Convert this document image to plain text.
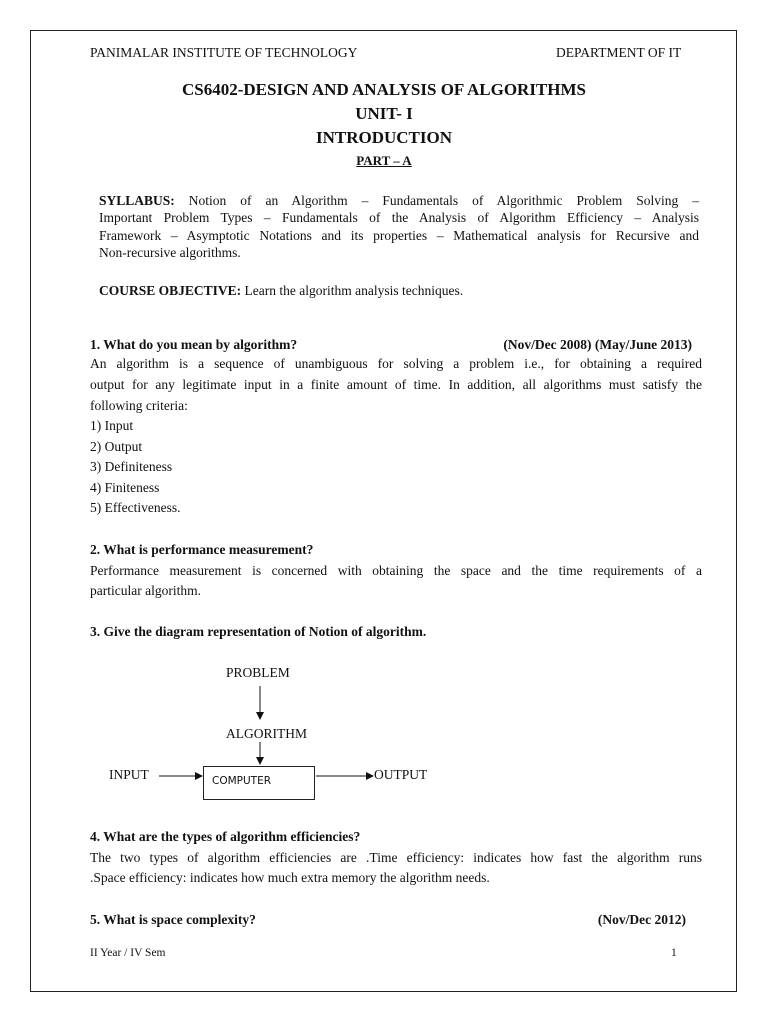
PANIMALAR INSTITUTE OF TECHNOLOGY	DEPARTMENT OF IT
CS6402-DESIGN AND ANALYSIS OF ALGORITHMS
UNIT- I
INTRODUCTION
PART – A
SYLLABUS: Notion of an Algorithm – Fundamentals of Algorithmic Problem Solving –
Important Problem Types – Fundamentals of the Analysis of Algorithm Efficiency – Analysis
Framework – Asymptotic Notations and its properties – Mathematical analysis for Recursive and
Non-recursive algorithms.
COURSE OBJECTIVE: Learn the algorithm analysis techniques.
1. What do you mean by algorithm?	(Nov/Dec 2008) (May/June 2013)
An algorithm is a sequence of unambiguous for solving a problem i.e., for obtaining a required
output for any legitimate input in a finite amount of time. In addition, all algorithms must satisfy the
following criteria:
1) Input
2) Output
3) Definiteness
4) Finiteness
5) Effectiveness.
2. What is performance measurement?
Performance measurement is concerned with obtaining the space and the time requirements of a
particular algorithm.
3. Give the diagram representation of Notion of algorithm.
PROBLEM
ALGORITHM
INPUT	OUTPUT
COMPUTER
4. What are the types of algorithm efficiencies?
The two types of algorithm efficiencies are .Time efficiency: indicates how fast the algorithm runs
.Space efficiency: indicates how much extra memory the algorithm needs.
5. What is space complexity?	(Nov/Dec 2012)
II Year / IV Sem	1
